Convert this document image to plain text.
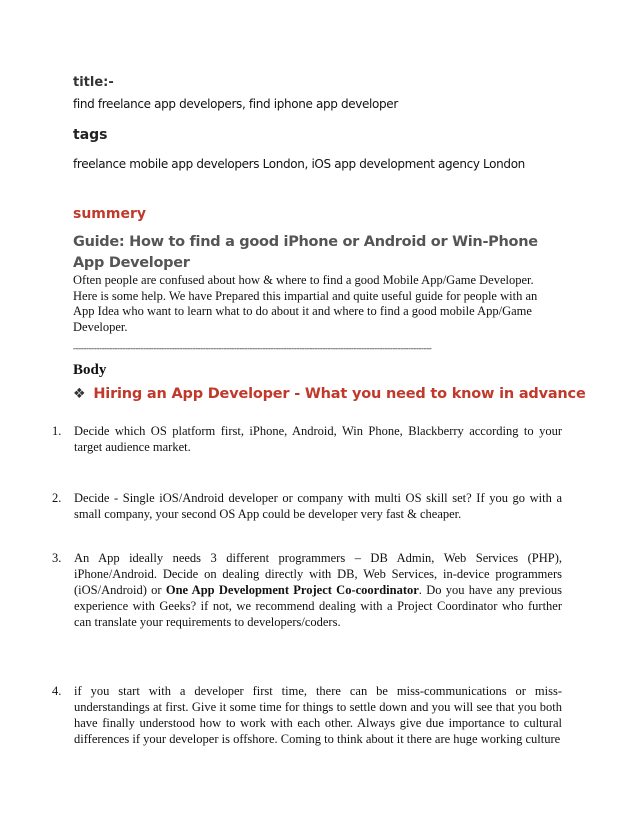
title:-
find freelance app developers, find iphone app developer
tags
freelance mobile app developers London, iOS app development agency London
summery
Guide: How to find a good iPhone or Android or Win-Phone App Developer
Often people are confused about how & where to find a good Mobile App/Game Developer. Here is some help. We have Prepared this impartial and quite useful guide for people with an App Idea who want to learn what to do about it and where to find a good mobile App/Game Developer.
------------------------------------------------------------------------------------------------------------------------------------------
Body
❖ Hiring an App Developer - What you need to know in advance
1.	Decide which OS platform first, iPhone, Android, Win Phone, Blackberry according to your target audience market.
2.	Decide - Single iOS/Android developer or company with multi OS skill set? If you go with a small company, your second OS App could be developer very fast & cheaper.
3.	An App ideally needs 3 different programmers – DB Admin, Web Services (PHP), iPhone/Android. Decide on dealing directly with DB, Web Services, in-device programmers (iOS/Android) or One App Development Project Co-coordinator. Do you have any previous experience with Geeks? if not, we recommend dealing with a Project Coordinator who further can translate your requirements to developers/coders.
4.	if you start with a developer first time, there can be miss-communications or miss-understandings at first. Give it some time for things to settle down and you will see that you both have finally understood how to work with each other. Always give due importance to cultural differences if your developer is offshore. Coming to think about it there are huge working culture
